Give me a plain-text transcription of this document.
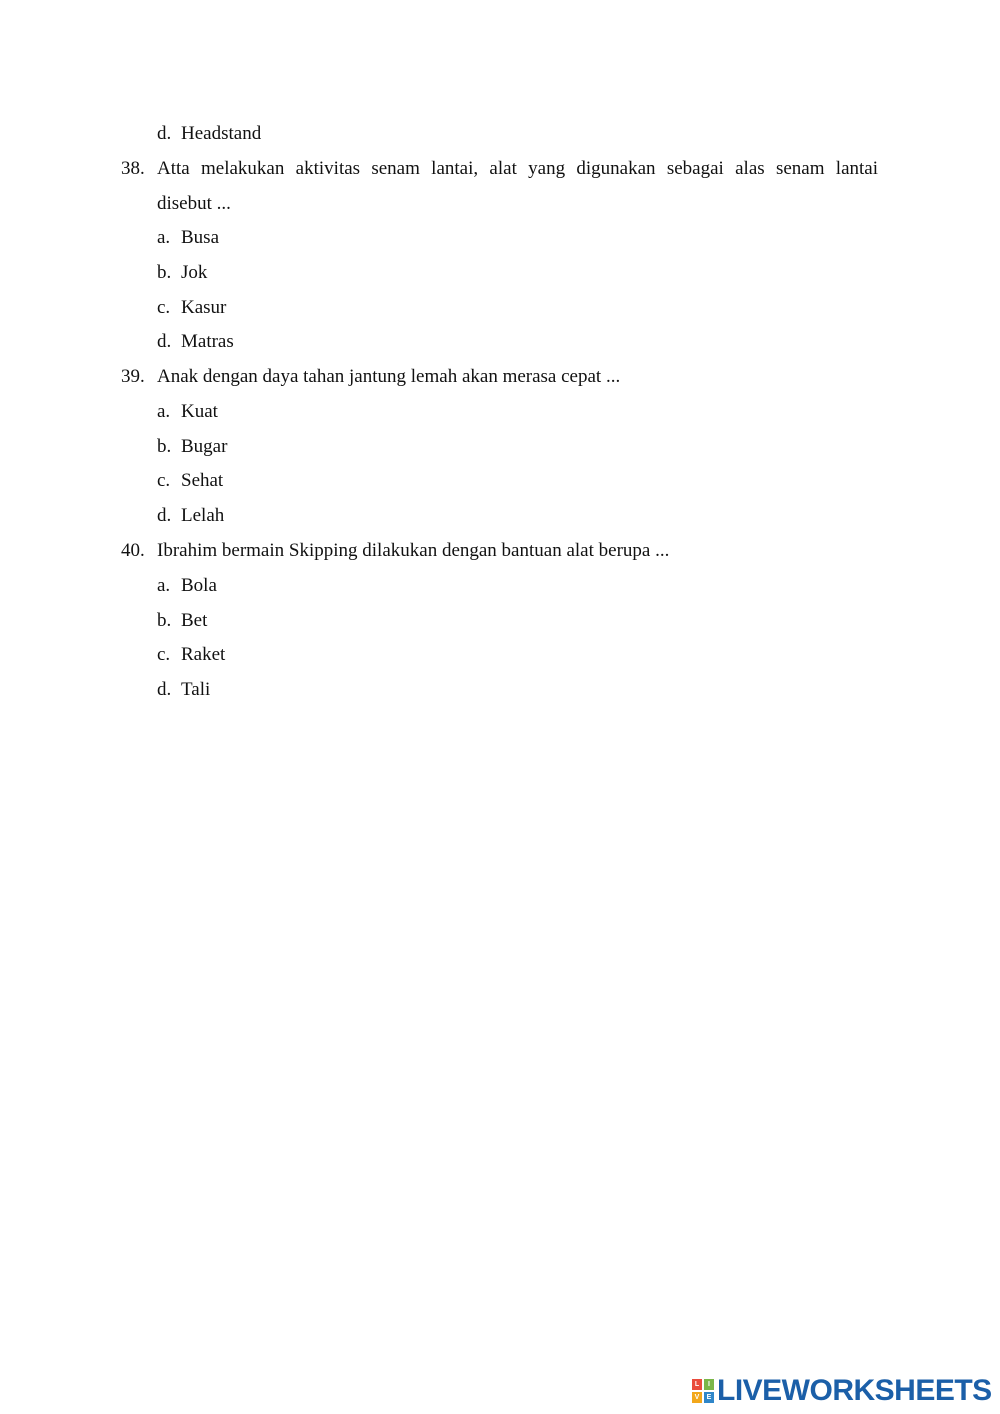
d. Headstand
38. Atta melakukan aktivitas senam lantai, alat yang digunakan sebagai alas senam lantai
disebut ...
a. Busa
b. Jok
c. Kasur
d. Matras
39. Anak dengan daya tahan jantung lemah akan merasa cepat ...
a. Kuat
b. Bugar
c. Sehat
d. Lelah
40. Ibrahim bermain Skipping dilakukan dengan bantuan alat berupa ...
a. Bola
b. Bet
c. Raket
d. Tali
L	I
V	E LIVEWORKSHEETS
